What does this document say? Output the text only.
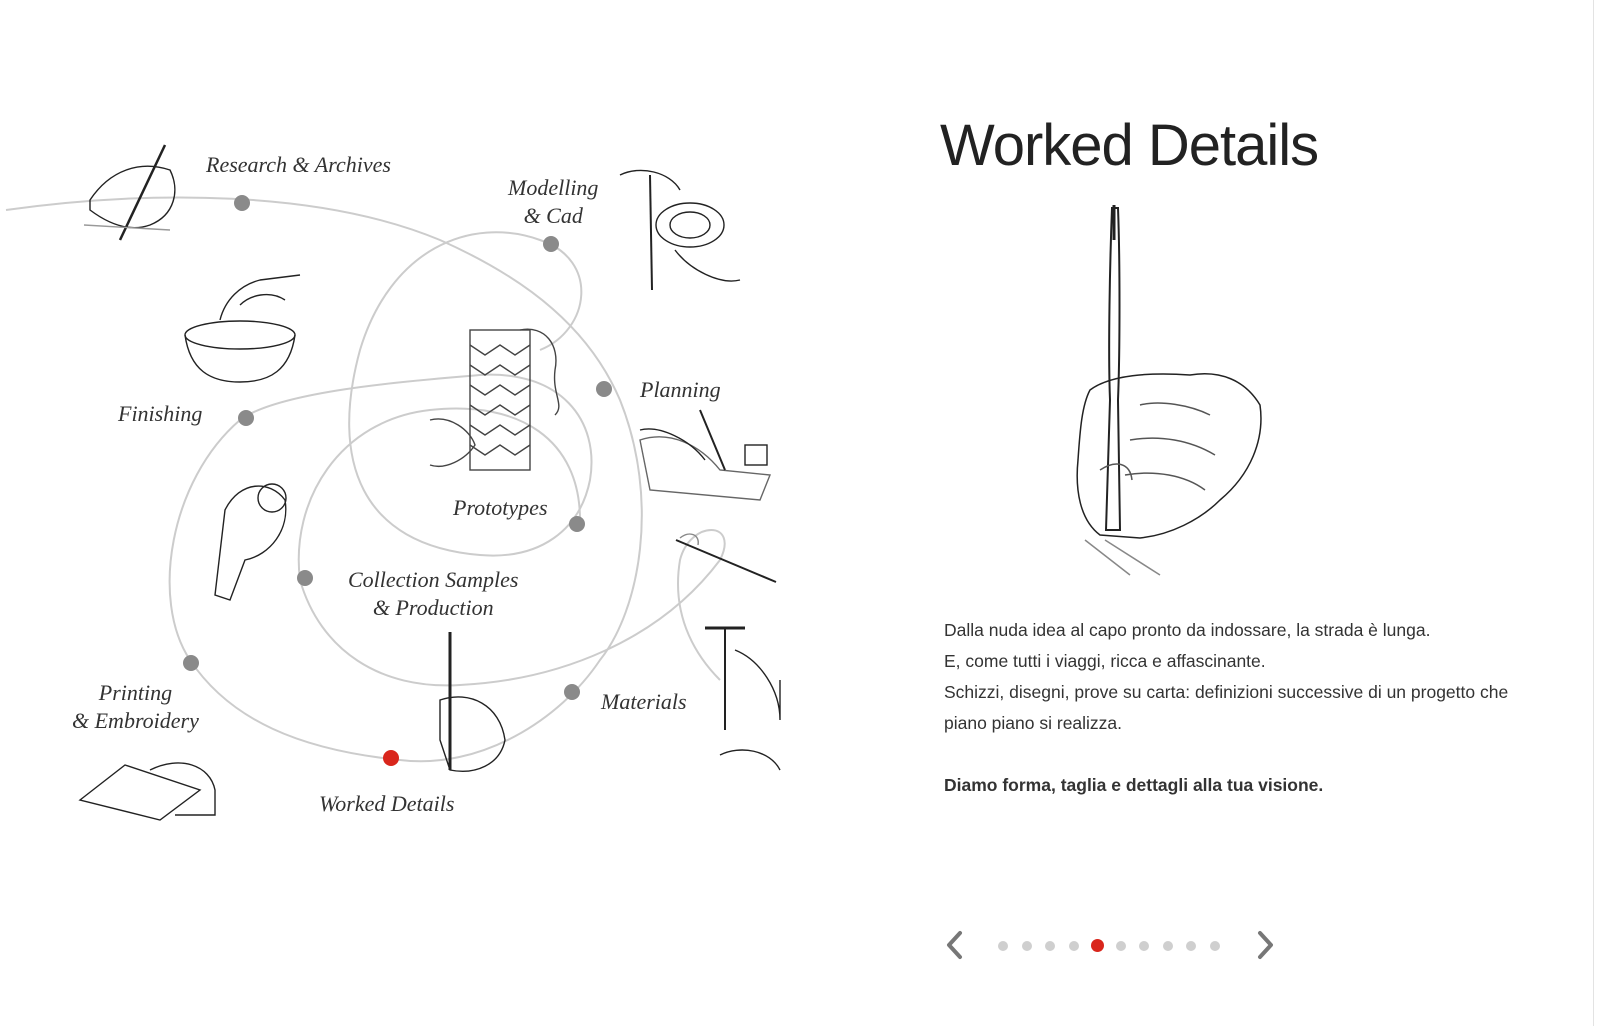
Research & Archives
Modelling
& Cad
Finishing
Planning
Prototypes
Collection Samples
& Production
Printing
& Embroidery
Materials
Worked Details
Worked Details

Dalla nuda idea al capo pronto da indossare, la strada è lunga.

E, come tutti i viaggi, ricca e affascinante.

Schizzi, disegni, prove su carta: definizioni successive di un progetto che piano piano si realizza.

Diamo forma, taglia e dettagli alla tua visione.
